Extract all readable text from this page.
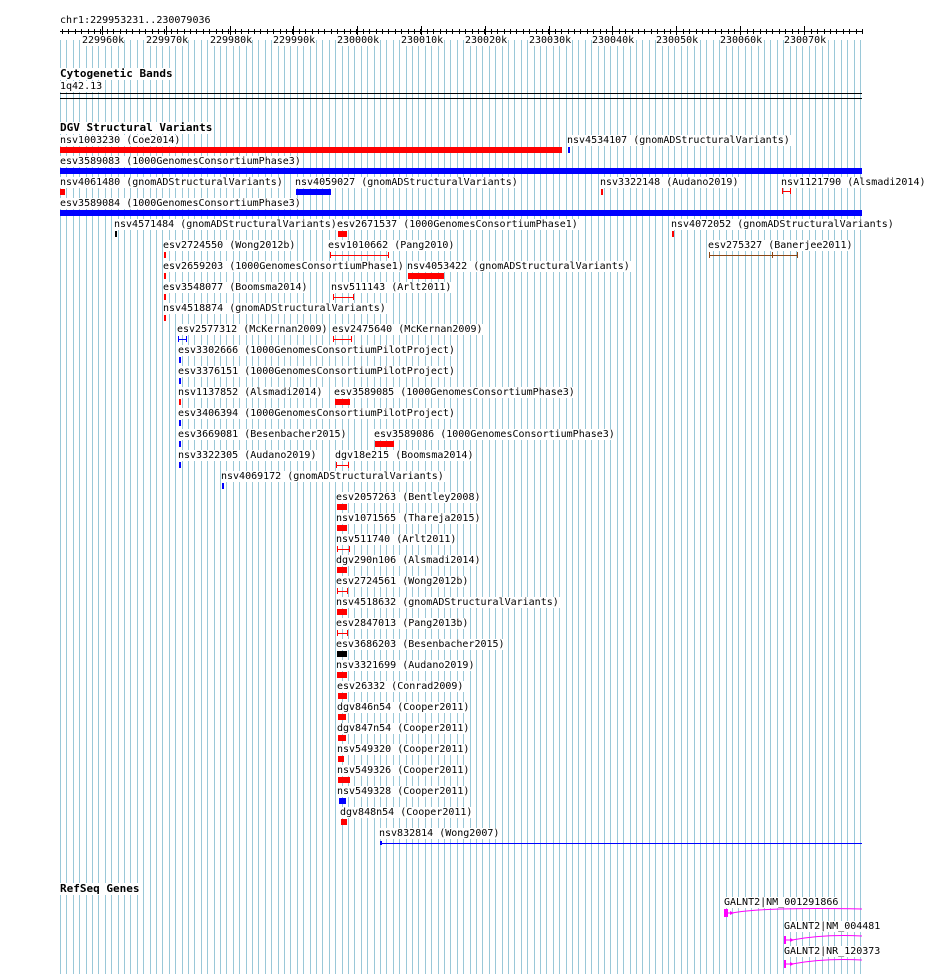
chr1:229953231..230079036
229960k 229970k 229980k 229990k 230000k 230010k 230020k 230030k 230040k 230050k 230060k 230070k
Cytogenetic Bands
1q42.13
DGV Structural Variants
nsv1003230 (Coe2014)	nsv4534107 (gnomADStructuralVariants)
esv3589083 (1000GenomesConsortiumPhase3)
nsv4061480 (gnomADStructuralVariants) nsv4059027 (gnomADStructuralVariants)	nsv3322148 (Audano2019)	nsv1121790 (Alsmadi2014)
esv3589084 (1000GenomesConsortiumPhase3)
nsv4571484 (gnomADStructuralVariants) esv2671537 (1000GenomesConsortiumPhase1)	nsv4072052 (gnomADStructuralVariants)
esv2724550 (Wong2012b)	esv1010662 (Pang2010)	esv275327 (Banerjee2011)
esv2659203 (1000GenomesConsortiumPhase1) nsv4053422 (gnomADStructuralVariants)
esv3548077 (Boomsma2014) nsv511143 (Arlt2011)
nsv4518874 (gnomADStructuralVariants)
esv2577312 (McKernan2009) esv2475640 (McKernan2009)
esv3302666 (1000GenomesConsortiumPilotProject)
esv3376151 (1000GenomesConsortiumPilotProject)
nsv1137852 (Alsmadi2014) esv3589085 (1000GenomesConsortiumPhase3)
esv3406394 (1000GenomesConsortiumPilotProject)
esv3669081 (Besenbacher2015)	esv3589086 (1000GenomesConsortiumPhase3)
nsv3322305 (Audano2019) dgv18e215 (Boomsma2014)
nsv4069172 (gnomADStructuralVariants)
esv2057263 (Bentley2008)
nsv1071565 (Thareja2015)
nsv511740 (Arlt2011)
dgv290n106 (Alsmadi2014)
esv2724561 (Wong2012b)
nsv4518632 (gnomADStructuralVariants)
esv2847013 (Pang2013b)
esv3686203 (Besenbacher2015)
nsv3321699 (Audano2019)
esv26332 (Conrad2009)
dgv846n54 (Cooper2011)
dgv847n54 (Cooper2011)
nsv549320 (Cooper2011)
nsv549326 (Cooper2011)
nsv549328 (Cooper2011)
dgv848n54 (Cooper2011)
nsv832814 (Wong2007)
RefSeq Genes
GALNT2|NM_001291866
GALNT2|NM_004481
GALNT2|NR_120373
